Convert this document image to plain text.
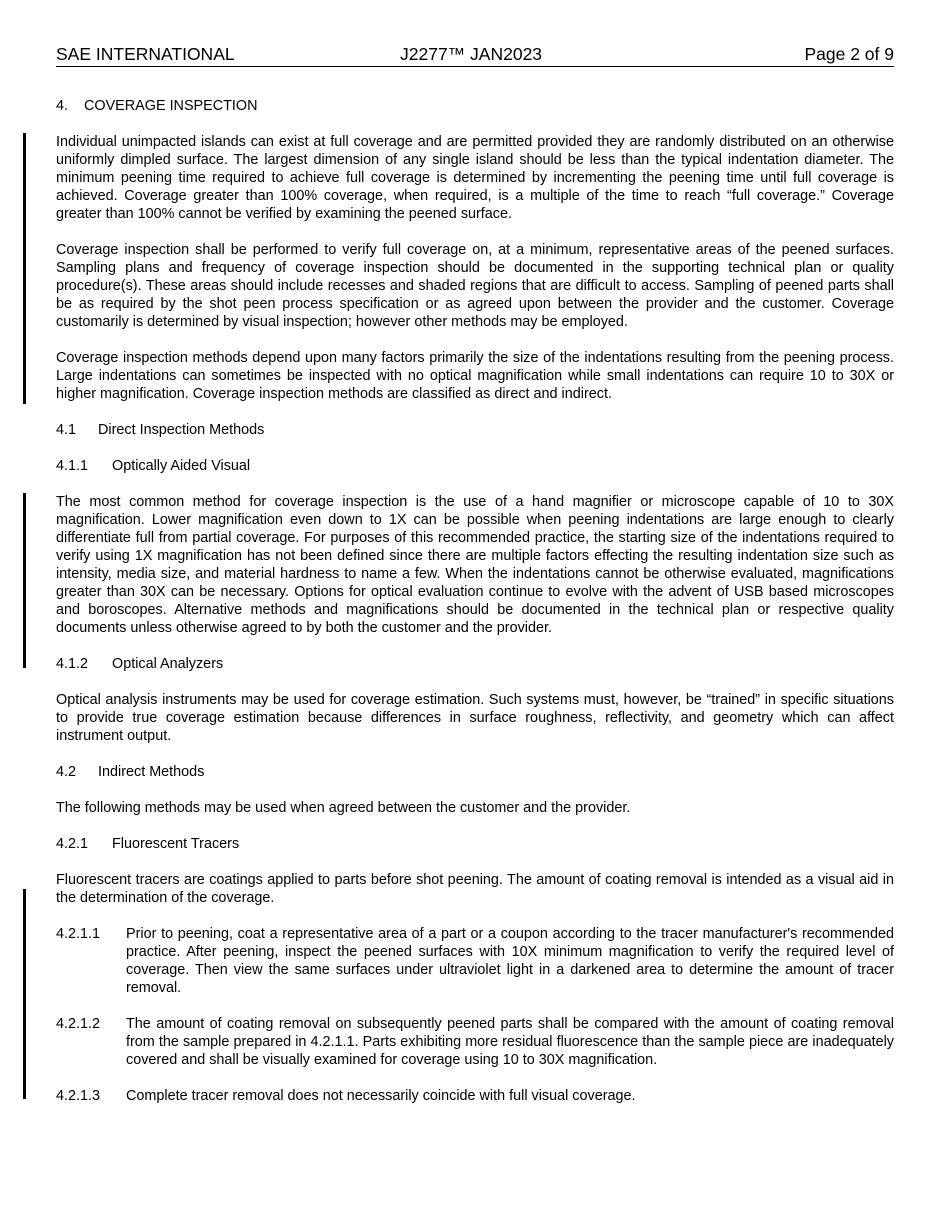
SAE INTERNATIONAL	J2277™ JAN2023	Page 2 of 9
4. COVERAGE INSPECTION

Individual unimpacted islands can exist at full coverage and are permitted provided they are randomly distributed on an otherwise uniformly dimpled surface. The largest dimension of any single island should be less than the typical indentation diameter. The minimum peening time required to achieve full coverage is determined by incrementing the peening time until full coverage is achieved. Coverage greater than 100% coverage, when required, is a multiple of the time to reach “full coverage.” Coverage greater than 100% cannot be verified by examining the peened surface.

Coverage inspection shall be performed to verify full coverage on, at a minimum, representative areas of the peened surfaces. Sampling plans and frequency of coverage inspection should be documented in the supporting technical plan or quality procedure(s). These areas should include recesses and shaded regions that are difficult to access. Sampling of peened parts shall be as required by the shot peen process specification or as agreed upon between the provider and the customer. Coverage customarily is determined by visual inspection; however other methods may be employed.

Coverage inspection methods depend upon many factors primarily the size of the indentations resulting from the peening process. Large indentations can sometimes be inspected with no optical magnification while small indentations can require 10 to 30X or higher magnification. Coverage inspection methods are classified as direct and indirect.

4.1 Direct Inspection Methods
4.1.1 Optically Aided Visual

The most common method for coverage inspection is the use of a hand magnifier or microscope capable of 10 to 30X magnification. Lower magnification even down to 1X can be possible when peening indentations are large enough to clearly differentiate full from partial coverage. For purposes of this recommended practice, the starting size of the indentations required to verify using 1X magnification has not been defined since there are multiple factors effecting the resulting indentation size such as intensity, media size, and material hardness to name a few. When the indentations cannot be otherwise evaluated, magnifications greater than 30X can be necessary. Options for optical evaluation continue to evolve with the advent of USB based microscopes and boroscopes. Alternative methods and magnifications should be documented in the technical plan or respective quality documents unless otherwise agreed to by both the customer and the provider.

4.1.2 Optical Analyzers

Optical analysis instruments may be used for coverage estimation. Such systems must, however, be “trained” in specific situations to provide true coverage estimation because differences in surface roughness, reflectivity, and geometry which can affect instrument output.

4.2 Indirect Methods

The following methods may be used when agreed between the customer and the provider.

4.2.1 Fluorescent Tracers

Fluorescent tracers are coatings applied to parts before shot peening. The amount of coating removal is intended as a visual aid in the determination of the coverage.

4.2.1.1	Prior to peening, coat a representative area of a part or a coupon according to the tracer manufacturer's recommended practice. After peening, inspect the peened surfaces with 10X minimum magnification to verify the required level of coverage. Then view the same surfaces under ultraviolet light in a darkened area to determine the amount of tracer removal.
4.2.1.2	The amount of coating removal on subsequently peened parts shall be compared with the amount of coating removal from the sample prepared in 4.2.1.1. Parts exhibiting more residual fluorescence than the sample piece are inadequately covered and shall be visually examined for coverage using 10 to 30X magnification.
4.2.1.3	Complete tracer removal does not necessarily coincide with full visual coverage.
